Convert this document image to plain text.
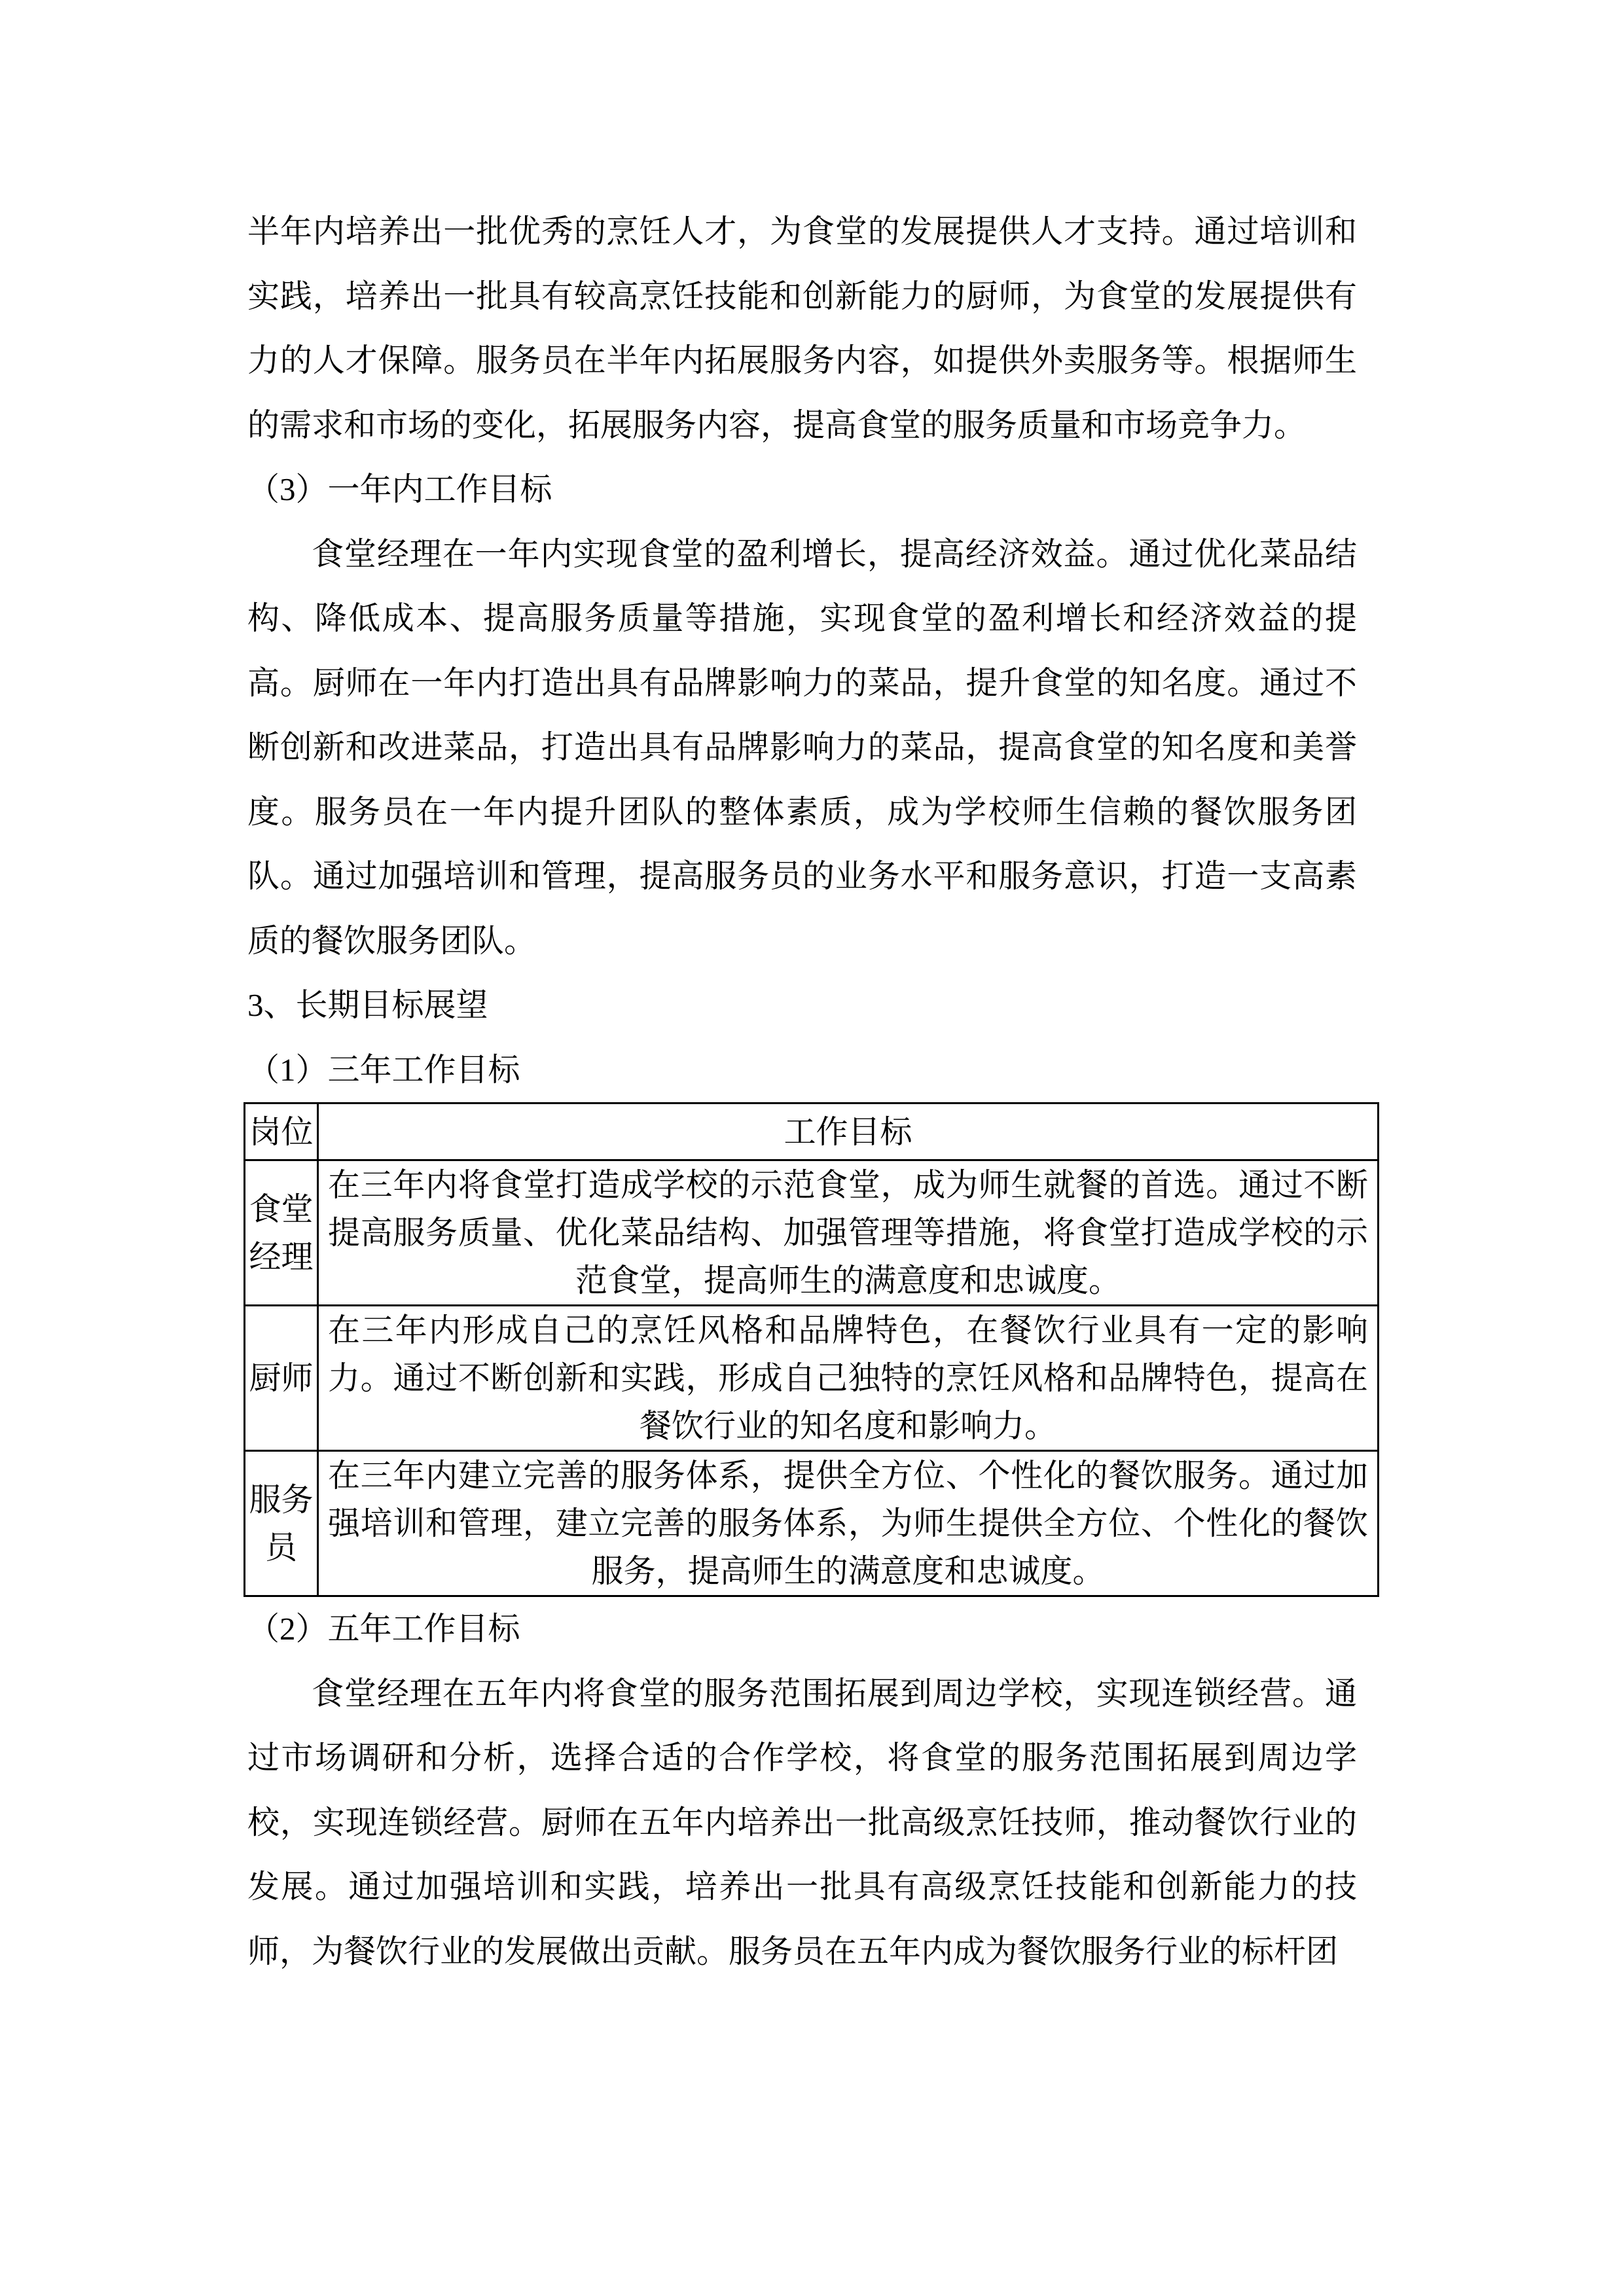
半年内培养出一批优秀的烹饪人才，为食堂的发展提供人才支持。通过培训和实践，培养出一批具有较高烹饪技能和创新能力的厨师，为食堂的发展提供有力的人才保障。服务员在半年内拓展服务内容，如提供外卖服务等。根据师生的需求和市场的变化，拓展服务内容，提高食堂的服务质量和市场竞争力。

（3）一年内工作目标

食堂经理在一年内实现食堂的盈利增长，提高经济效益。通过优化菜品结构、降低成本、提高服务质量等措施，实现食堂的盈利增长和经济效益的提高。厨师在一年内打造出具有品牌影响力的菜品，提升食堂的知名度。通过不断创新和改进菜品，打造出具有品牌影响力的菜品，提高食堂的知名度和美誉度。服务员在一年内提升团队的整体素质，成为学校师生信赖的餐饮服务团队。通过加强培训和管理，提高服务员的业务水平和服务意识，打造一支高素质的餐饮服务团队。

3、长期目标展望

（1）三年工作目标

岗位	工作目标
食堂经理	在三年内将食堂打造成学校的示范食堂，成为师生就餐的首选。通过不断提高服务质量、优化菜品结构、加强管理等措施，将食堂打造成学校的示范食堂，提高师生的满意度和忠诚度。
厨师	在三年内形成自己的烹饪风格和品牌特色，在餐饮行业具有一定的影响力。通过不断创新和实践，形成自己独特的烹饪风格和品牌特色，提高在餐饮行业的知名度和影响力。
服务员	在三年内建立完善的服务体系，提供全方位、个性化的餐饮服务。通过加强培训和管理，建立完善的服务体系，为师生提供全方位、个性化的餐饮服务，提高师生的满意度和忠诚度。

（2）五年工作目标

食堂经理在五年内将食堂的服务范围拓展到周边学校，实现连锁经营。通过市场调研和分析，选择合适的合作学校，将食堂的服务范围拓展到周边学校，实现连锁经营。厨师在五年内培养出一批高级烹饪技师，推动餐饮行业的发展。通过加强培训和实践，培养出一批具有高级烹饪技能和创新能力的技师，为餐饮行业的发展做出贡献。服务员在五年内成为餐饮服务行业的标杆团
